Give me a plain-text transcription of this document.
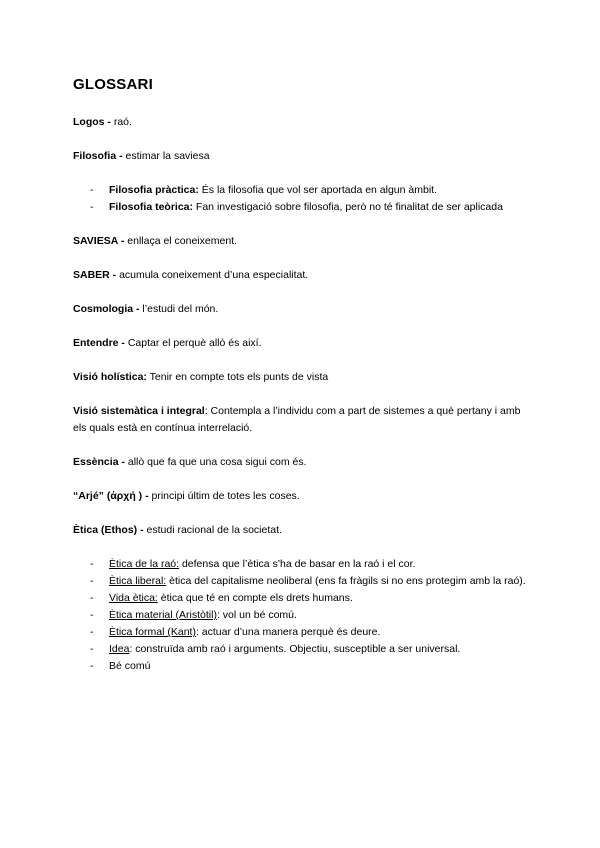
GLOSSARI

Logos - raó.

Filosofia - estimar la saviesa

- Filosofia pràctica: És la filosofia que vol ser aportada en algun àmbit.
- Filosofia teòrica: Fan investigació sobre filosofia, però no té finalitat de ser aplicada

SAVIESA - enllaça el coneixement.

SABER - acumula coneixement d’una especialitat.

Cosmologia - l’estudi del món.

Entendre - Captar el perquè allò és així.

Visió holística: Tenir en compte tots els punts de vista

Visió sistemàtica i integral: Contempla a l’individu com a part de sistemes a què pertany i amb els quals està en contínua interrelació.

Essència - allò que fa que una cosa sigui com és.

“Arjé” (ἀρχή ) - principi últim de totes les coses.

Ètica (Ethos) - estudi racional de la societat.

- Ètica de la raó: defensa que l’ètica s’ha de basar en la raó i el cor.
- Ètica liberal: ètica del capitalisme neoliberal (ens fa fràgils si no ens protegim amb la raó).
- Vida ètica: ètica que té en compte els drets humans.
- Ètica material (Aristòtil): vol un bé comú.
- Ètica formal (Kant): actuar d’una manera perquè és deure.
- Idea: construïda amb raó i arguments. Objectiu, susceptible a ser universal.
- Bé comú
